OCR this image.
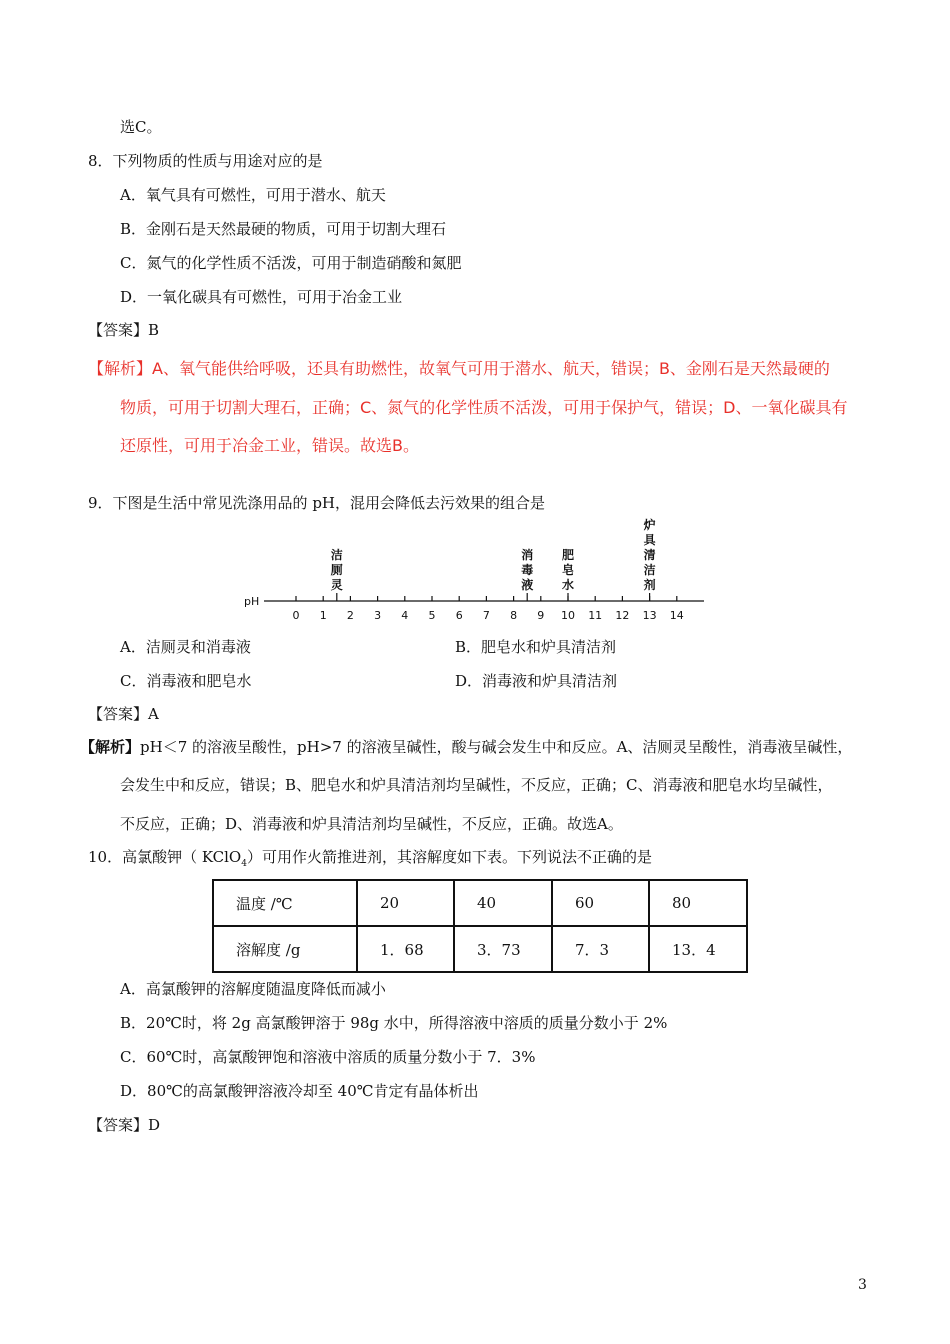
选C。
8．下列物质的性质与用途对应的是
A．氧气具有可燃性，可用于潜水、航天
B．金刚石是天然最硬的物质，可用于切割大理石
C．氮气的化学性质不活泼，可用于制造硝酸和氮肥
D．一氧化碳具有可燃性，可用于冶金工业
【答案】B
【解析】A、氧气能供给呼吸，还具有助燃性，故氧气可用于潜水、航天，错误；B、金刚石是天然最硬的
物质，可用于切割大理石，正确；C、氮气的化学性质不活泼，可用于保护气，错误；D、一氧化碳具有
还原性，可用于冶金工业，错误。故选B。
9．下图是生活中常见洗涤用品的 pH，混用会降低去污效果的组合是
pH
0 1 2 3 4 5 6 7 8 9 10 11 12 13 14
洁
厕
灵
消
毒
液
肥
皂
水
炉
具
清
洁
剂
A．洁厕灵和消毒液	B．肥皂水和炉具清洁剂
C．消毒液和肥皂水	D．消毒液和炉具清洁剂
【答案】A
【解析】pH＜7 的溶液呈酸性，pH>7 的溶液呈碱性，酸与碱会发生中和反应。A、洁厕灵呈酸性，消毒液呈碱性，
会发生中和反应，错误；B、肥皂水和炉具清洁剂均呈碱性，不反应，正确；C、消毒液和肥皂水均呈碱性，
不反应，正确；D、消毒液和炉具清洁剂均呈碱性，不反应，正确。故选A。
10．高氯酸钾（ KClO$_4$）可用作火箭推进剂，其溶解度如下表。下列说法不正确的是
温度 /℃	20	40	60	80
溶解度 /g	1．68	3．73	7．3	13．4
A．高氯酸钾的溶解度随温度降低而减小
B．20℃时，将 2g 高氯酸钾溶于 98g 水中，所得溶液中溶质的质量分数小于 2%
C．60℃时，高氯酸钾饱和溶液中溶质的质量分数小于 7．3%
D．80℃的高氯酸钾溶液冷却至 40℃肯定有晶体析出
【答案】D
3
